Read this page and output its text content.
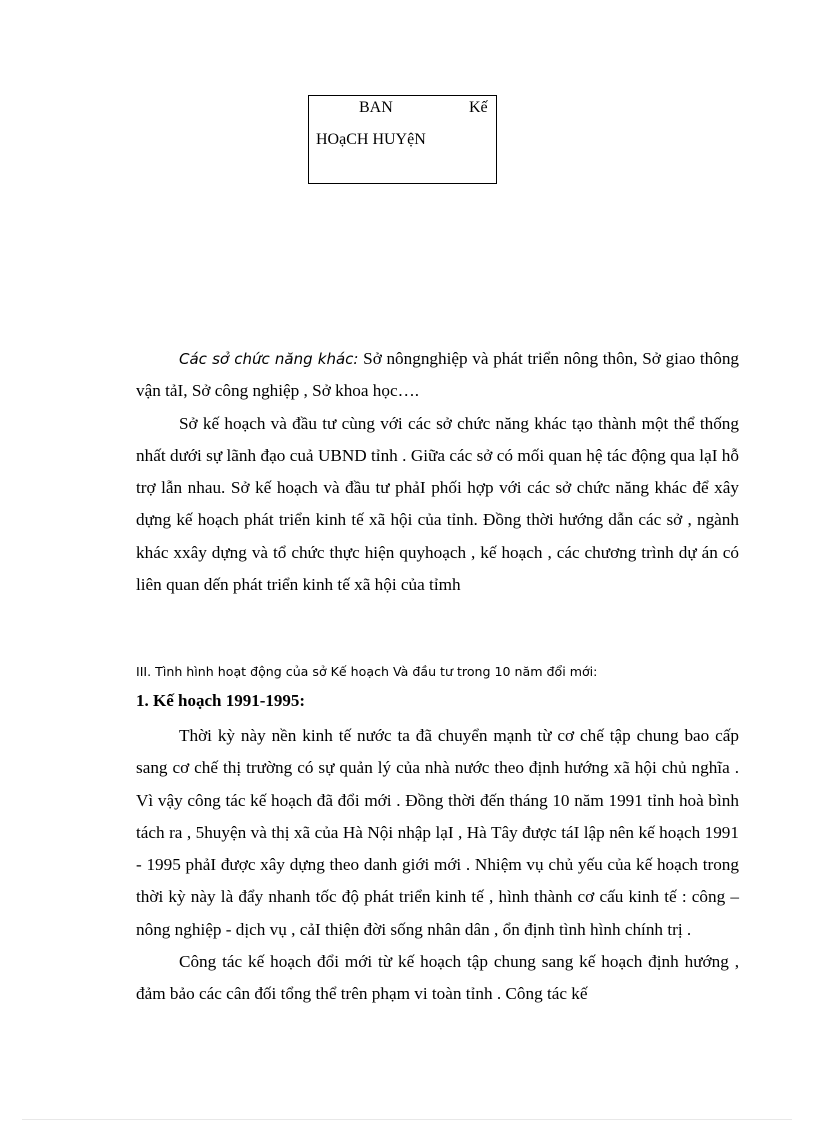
BAN	Kế
HOạCH HUYệN

Các sở chức năng khác: Sở nôngnghiệp và phát triển nông thôn, Sở giao thông vận tảI, Sở công nghiệp , Sở khoa học….

Sở kế hoạch và đầu tư cùng với các sở chức năng khác tạo thành một thể thống nhất dưới sự lãnh đạo cuả UBND tỉnh . Giữa các sở có mối quan hệ tác động qua lạI hỗ trợ lẫn nhau. Sở kế hoạch và đầu tư phảI phối hợp với các sở chức năng khác để xây dựng kế hoạch phát triển kinh tế xã hội của tỉnh. Đồng thời hướng dẫn các sở , ngành khác xxây dựng và tổ chức thực hiện quyhoạch , kế hoạch , các chương trình dự án có liên quan dến phát triển kinh tế xã hội của tỉmh

III. Tình hình hoạt động của sở Kế hoạch Và đầu tư trong 10 năm đổi mới:
1. Kế hoạch 1991-1995:

Thời kỳ này nền kinh tế nước ta đã chuyển mạnh từ cơ chế tập chung bao cấp sang cơ chế thị trường có sự quản lý của nhà nước theo định hướng xã hội chủ nghĩa . Vì vậy công tác kế hoạch đã đổi mới . Đồng thời đến tháng 10 năm 1991 tỉnh hoà bình tách ra , 5huyện và thị xã của Hà Nội nhập lạI , Hà Tây được táI lập nên kế hoạch 1991 - 1995 phảI được xây dựng theo danh giới mới . Nhiệm vụ chủ yếu của kế hoạch trong thời kỳ này là đẩy nhanh tốc độ phát triển kinh tế , hình thành cơ cấu kinh tế : công –nông nghiệp - dịch vụ , cảI thiện đời sống nhân dân , ổn định tình hình chính trị .

Công tác kế hoạch đổi mới từ kế hoạch tập chung sang kế hoạch định hướng , đảm bảo các cân đối tổng thể trên phạm vi toàn tỉnh . Công tác kế
